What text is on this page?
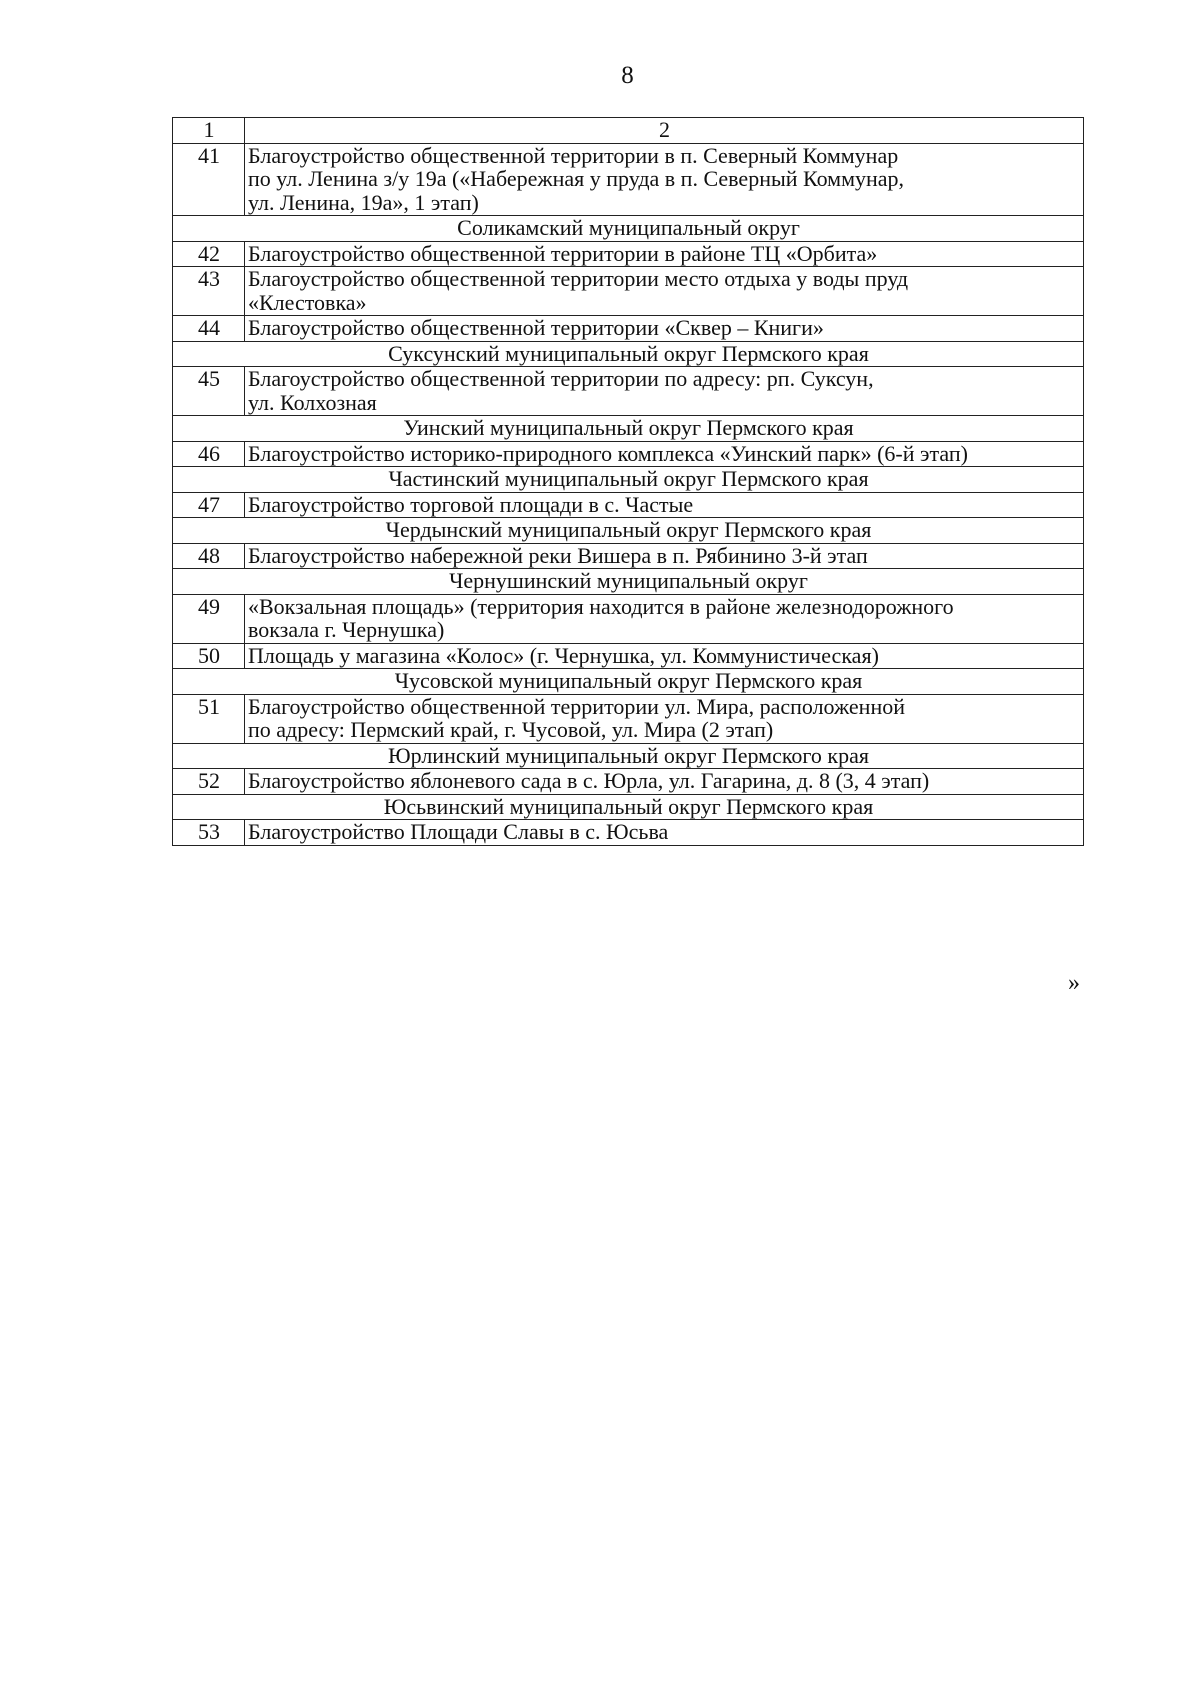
8
1	2
41	Благоустройство общественной территории в п. Северный Коммунар
по ул. Ленина з/у 19а («Набережная у пруда в п. Северный Коммунар,
ул. Ленина, 19а», 1 этап)
Соликамский муниципальный округ	
42	Благоустройство общественной территории в районе ТЦ «Орбита»
43	Благоустройство общественной территории место отдыха у воды пруд
«Клестовка»
44	Благоустройство общественной территории «Сквер – Книги»
Суксунский муниципальный округ Пермского края	
45	Благоустройство общественной территории по адресу: рп. Суксун,
ул. Колхозная
Уинский муниципальный округ Пермского края	
46	Благоустройство историко-природного комплекса «Уинский парк» (6-й этап)
Частинский муниципальный округ Пермского края	
47	Благоустройство торговой площади в с. Частые
Чердынский муниципальный округ Пермского края	
48	Благоустройство набережной реки Вишера в п. Рябинино 3-й этап
Чернушинский муниципальный округ	
49	«Вокзальная площадь» (территория находится в районе железнодорожного
вокзала г. Чернушка)
50	Площадь у магазина «Колос» (г. Чернушка, ул. Коммунистическая)
Чусовской муниципальный округ Пермского края	
51	Благоустройство общественной территории ул. Мира, расположенной
по адресу: Пермский край, г. Чусовой, ул. Мира (2 этап)
Юрлинский муниципальный округ Пермского края	
52	Благоустройство яблоневого сада в с. Юрла, ул. Гагарина, д. 8 (3, 4 этап)
Юсьвинский муниципальный округ Пермского края	
53	Благоустройство Площади Славы в с. Юсьва
»
